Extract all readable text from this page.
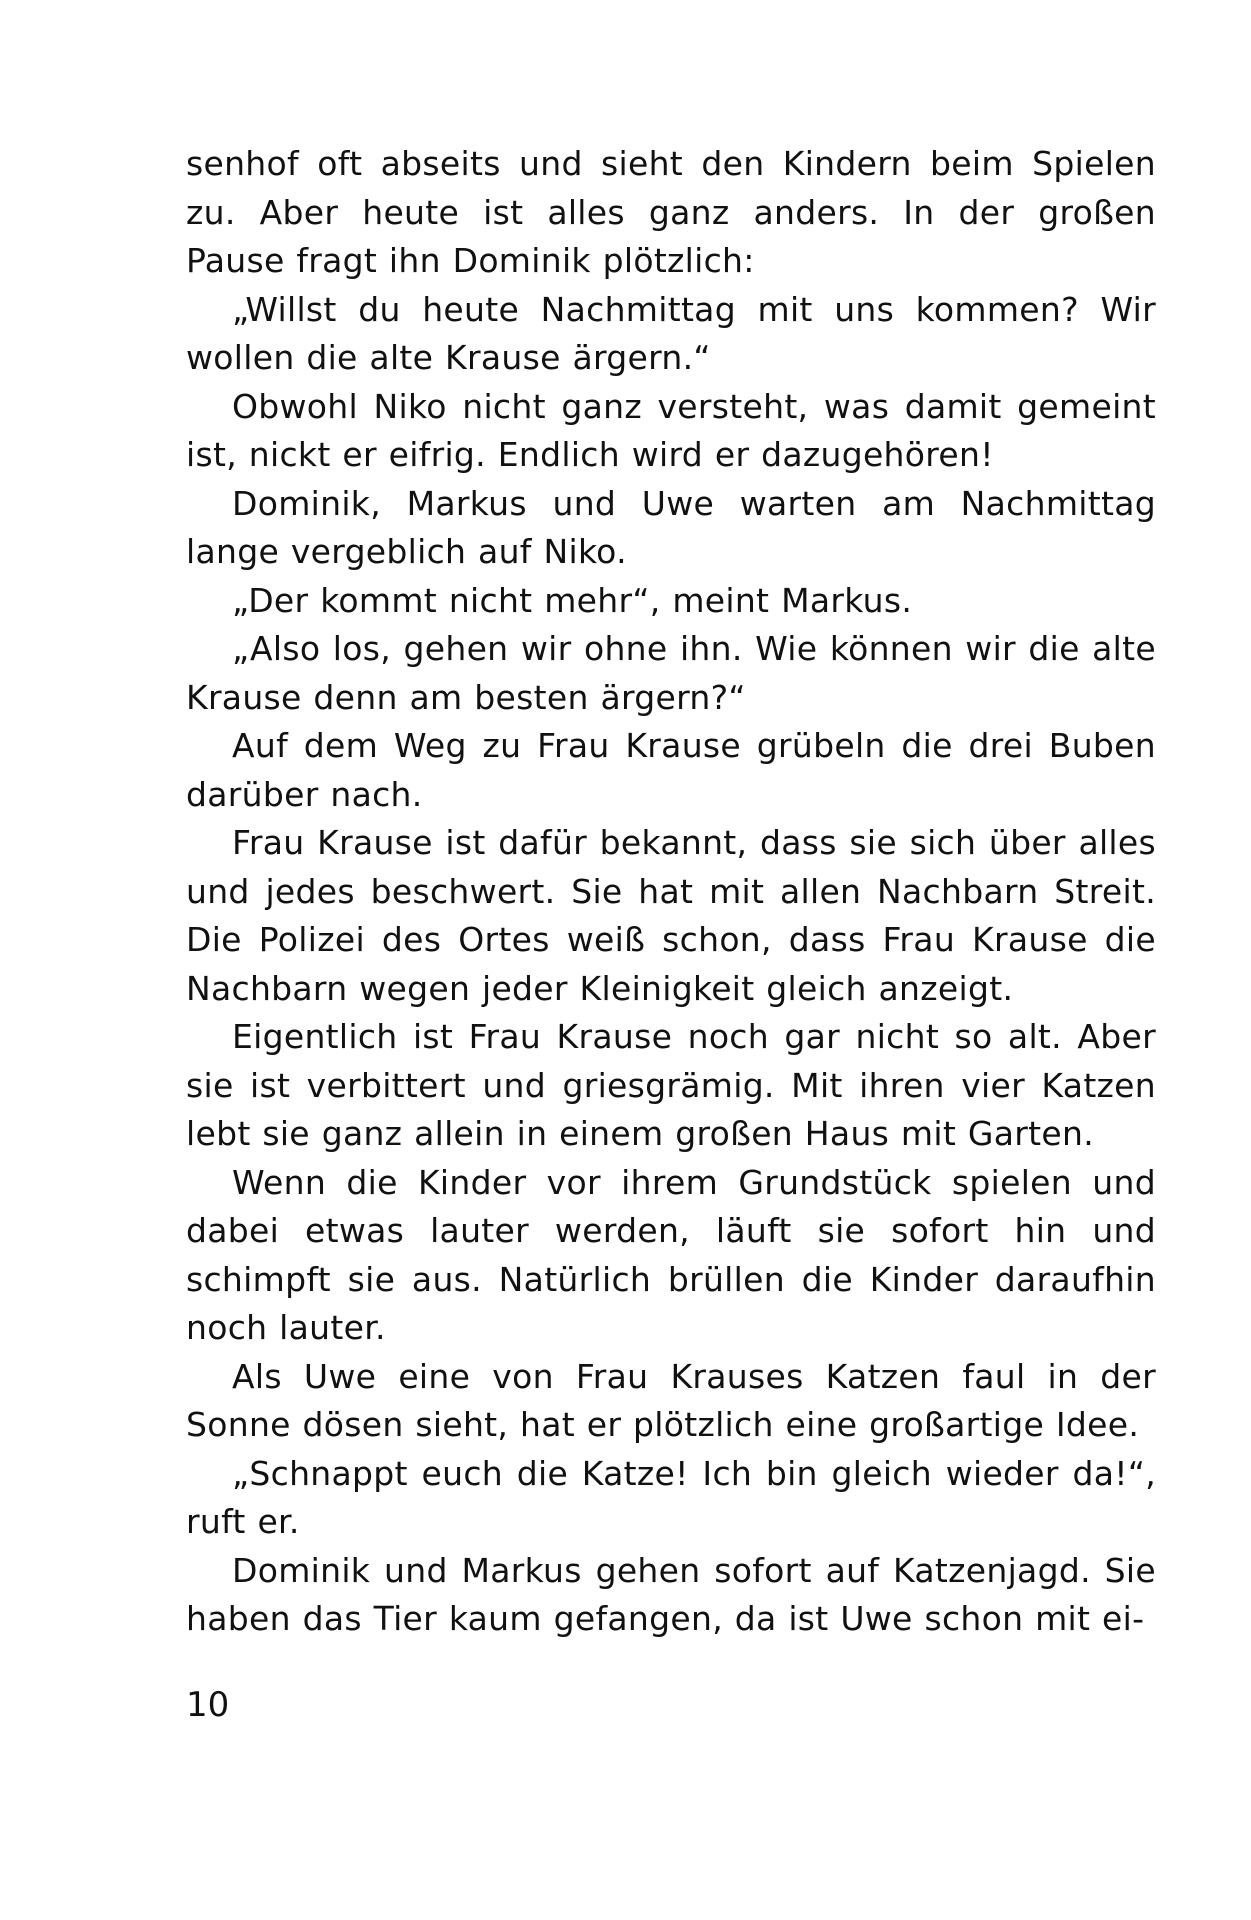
senhof oft abseits und sieht den Kindern beim Spielen zu. Aber heute ist alles ganz anders. In der großen Pause fragt ihn Dominik plötzlich:

„Willst du heute Nachmittag mit uns kommen? Wir wollen die alte Krause ärgern.“

Obwohl Niko nicht ganz versteht, was damit gemeint ist, nickt er eifrig. Endlich wird er dazugehören!

Dominik, Markus und Uwe warten am Nachmittag lange vergeblich auf Niko.

„Der kommt nicht mehr“, meint Markus.

„Also los, gehen wir ohne ihn. Wie können wir die alte Krause denn am besten ärgern?“

Auf dem Weg zu Frau Krause grübeln die drei Buben darüber nach.

Frau Krause ist dafür bekannt, dass sie sich über alles und jedes beschwert. Sie hat mit allen Nachbarn Streit. Die Polizei des Ortes weiß schon, dass Frau Krause die Nachbarn wegen jeder Kleinigkeit gleich anzeigt.

Eigentlich ist Frau Krause noch gar nicht so alt. Aber sie ist verbittert und griesgrämig. Mit ihren vier Katzen lebt sie ganz allein in einem großen Haus mit Garten.

Wenn die Kinder vor ihrem Grundstück spielen und dabei etwas lauter werden, läuft sie sofort hin und schimpft sie aus. Natürlich brüllen die Kinder daraufhin noch lauter.

Als Uwe eine von Frau Krauses Katzen faul in der Sonne dösen sieht, hat er plötzlich eine großartige Idee.

„Schnappt euch die Katze! Ich bin gleich wieder da!“, ruft er.

Dominik und Markus gehen sofort auf Katzenjagd. Sie haben das Tier kaum gefangen, da ist Uwe schon mit ei-

10
